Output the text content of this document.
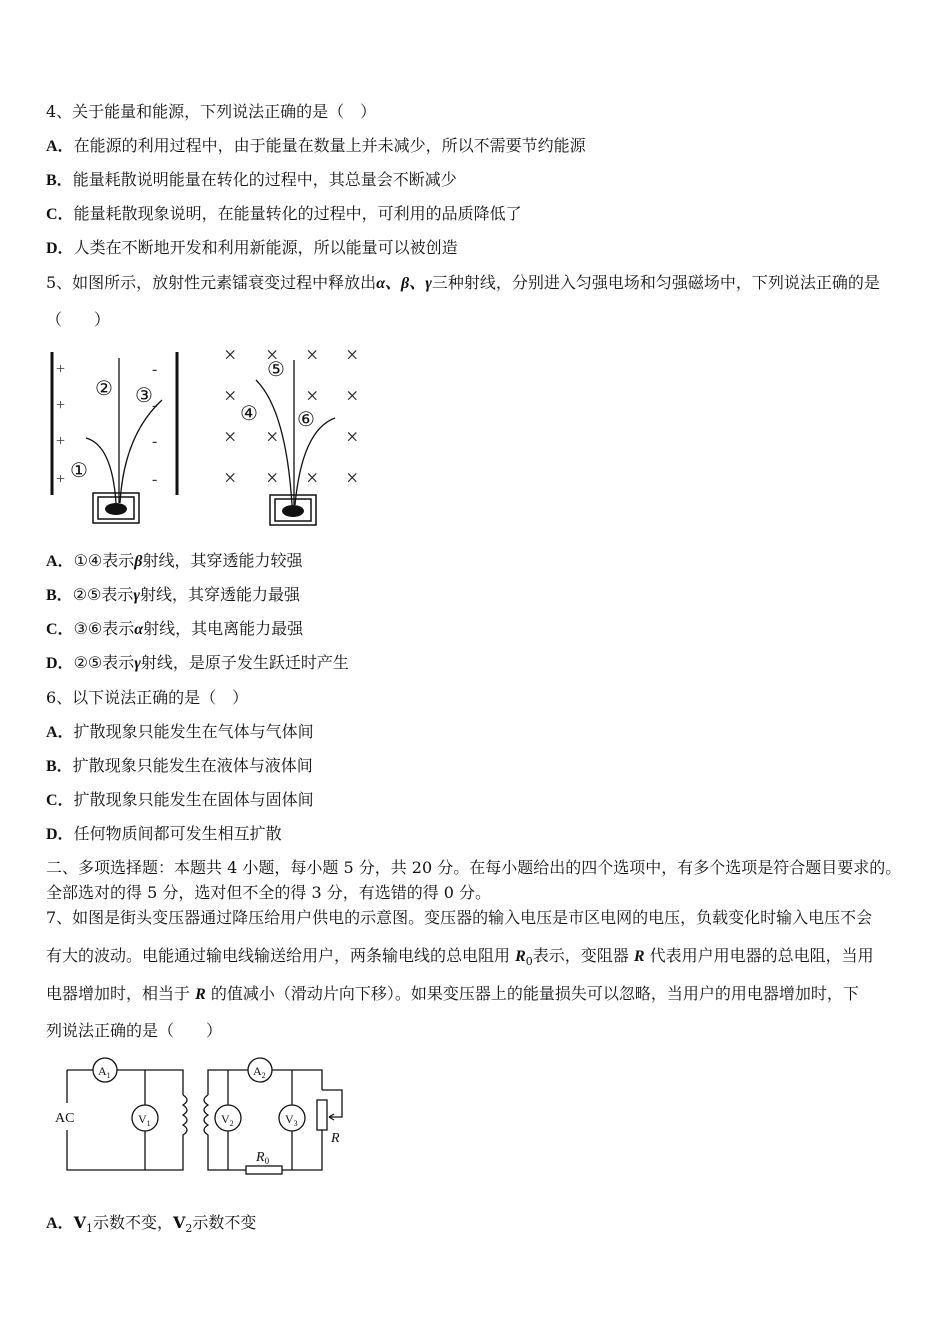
4、关于能量和能源，下列说法正确的是（　）
A．在能源的利用过程中，由于能量在数量上并未减少，所以不需要节约能源
B．能量耗散说明能量在转化的过程中，其总量会不断减少
C．能量耗散现象说明，在能量转化的过程中，可利用的品质降低了
D．人类在不断地开发和利用新能源，所以能量可以被创造
5、如图所示，放射性元素镭衰变过程中释放出α、β、γ三种射线，分别进入匀强电场和匀强磁场中，下列说法正确的是
（　　）
+
+
+
+
-
-
-
-
①
② ③
× × × ×
×	× ×
× ×	×
× × × ×
④
⑤
⑥
A．①④表示β射线，其穿透能力较强
B．②⑤表示γ射线，其穿透能力最强
C．③⑥表示α射线，其电离能力最强
D．②⑤表示γ射线，是原子发生跃迁时产生
6、以下说法正确的是（　）
A．扩散现象只能发生在气体与气体间
B．扩散现象只能发生在液体与液体间
C．扩散现象只能发生在固体与固体间
D．任何物质间都可发生相互扩散
二、多项选择题：本题共 4 小题，每小题 5 分，共 20 分。在每小题给出的四个选项中，有多个选项是符合题目要求的。
全部选对的得 5 分，选对但不全的得 3 分，有选错的得 0 分。
7、如图是街头变压器通过降压给用户供电的示意图。变压器的输入电压是市区电网的电压，负载变化时输入电压不会
有大的波动。电能通过输电线输送给用户，两条输电线的总电阻用 $R_0$表示，变阻器 R 代表用户用电器的总电阻，当用
电器增加时，相当于 R 的值减小（滑动片向下移）。如果变压器上的能量损失可以忽略，当用户的用电器增加时，下
列说法正确的是（　　）
AC
$A_1$	$A_2$
$V_1$	$V_2$	$V_3$
R
$R_0$
A．$V_1$示数不变，$V_2$示数不变
